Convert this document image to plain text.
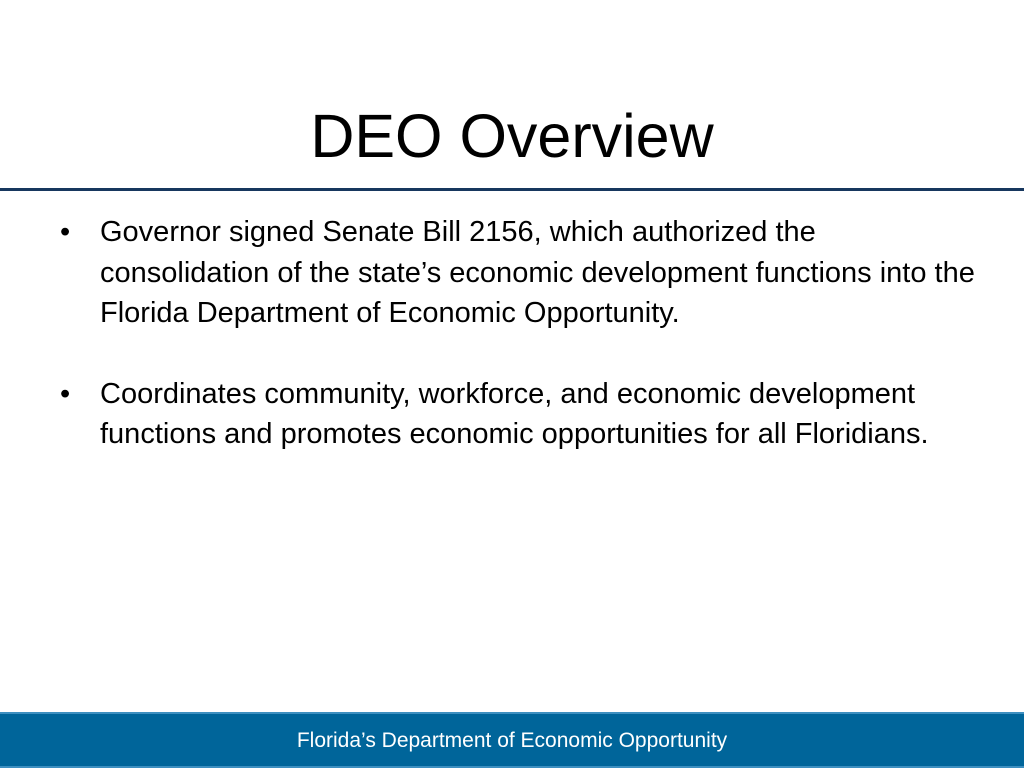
DEO Overview
•	Governor signed Senate Bill 2156, which authorized the consolidation of the state’s economic development functions into the Florida Department of Economic Opportunity.
•	Coordinates community, workforce, and economic development functions and promotes economic opportunities for all Floridians.
Florida’s Department of Economic Opportunity
